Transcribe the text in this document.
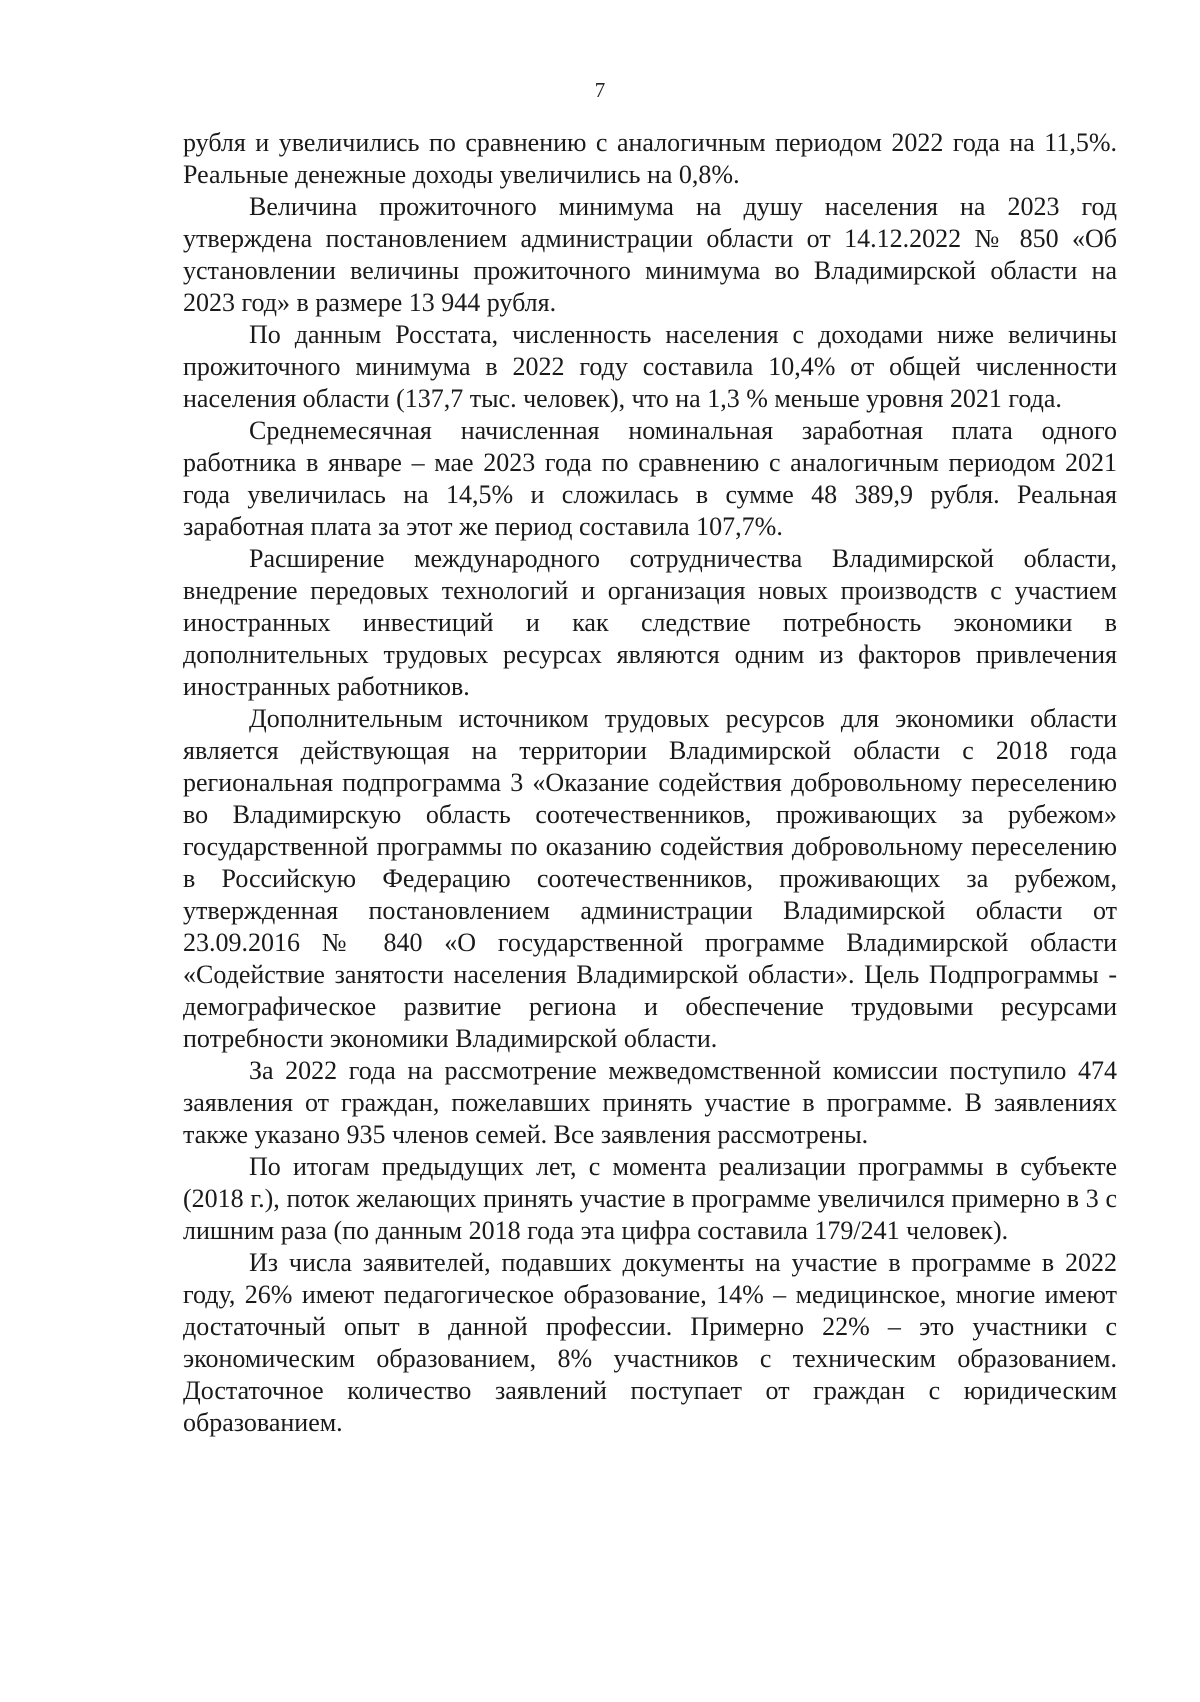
7

рубля и увеличились по сравнению с аналогичным периодом 2022 года на 11,5%. Реальные денежные доходы увеличились на 0,8%.

Величина прожиточного минимума на душу населения на 2023 год утверждена постановлением администрации области от 14.12.2022 № 850 «Об установлении величины прожиточного минимума во Владимирской области на 2023 год» в размере 13 944 рубля.

По данным Росстата, численность населения с доходами ниже величины прожиточного минимума в 2022 году составила 10,4% от общей численности населения области (137,7 тыс. человек), что на 1,3 % меньше уровня 2021 года.

Среднемесячная начисленная номинальная заработная плата одного работника в январе – мае 2023 года по сравнению с аналогичным периодом 2021 года увеличилась на 14,5% и сложилась в сумме 48 389,9 рубля. Реальная заработная плата за этот же период составила 107,7%.

Расширение международного сотрудничества Владимирской области, внедрение передовых технологий и организация новых производств с участием иностранных инвестиций и как следствие потребность экономики в дополнительных трудовых ресурсах являются одним из факторов привлечения иностранных работников.

Дополнительным источником трудовых ресурсов для экономики области является действующая на территории Владимирской области с 2018 года региональная подпрограмма 3 «Оказание содействия добровольному переселению во Владимирскую область соотечественников, проживающих за рубежом» государственной программы по оказанию содействия добровольному переселению в Российскую Федерацию соотечественников, проживающих за рубежом, утвержденная постановлением администрации Владимирской области от 23.09.2016 № 840 «О государственной программе Владимирской области «Содействие занятости населения Владимирской области». Цель Подпрограммы - демографическое развитие региона и обеспечение трудовыми ресурсами потребности экономики Владимирской области.

За 2022 года на рассмотрение межведомственной комиссии поступило 474 заявления от граждан, пожелавших принять участие в программе. В заявлениях также указано 935 членов семей. Все заявления рассмотрены.

По итогам предыдущих лет, с момента реализации программы в субъекте (2018 г.), поток желающих принять участие в программе увеличился примерно в 3 с лишним раза (по данным 2018 года эта цифра составила 179/241 человек).

Из числа заявителей, подавших документы на участие в программе в 2022 году, 26% имеют педагогическое образование, 14% – медицинское, многие имеют достаточный опыт в данной профессии. Примерно 22% – это участники с экономическим образованием, 8% участников с техническим образованием. Достаточное количество заявлений поступает от граждан с юридическим образованием.
